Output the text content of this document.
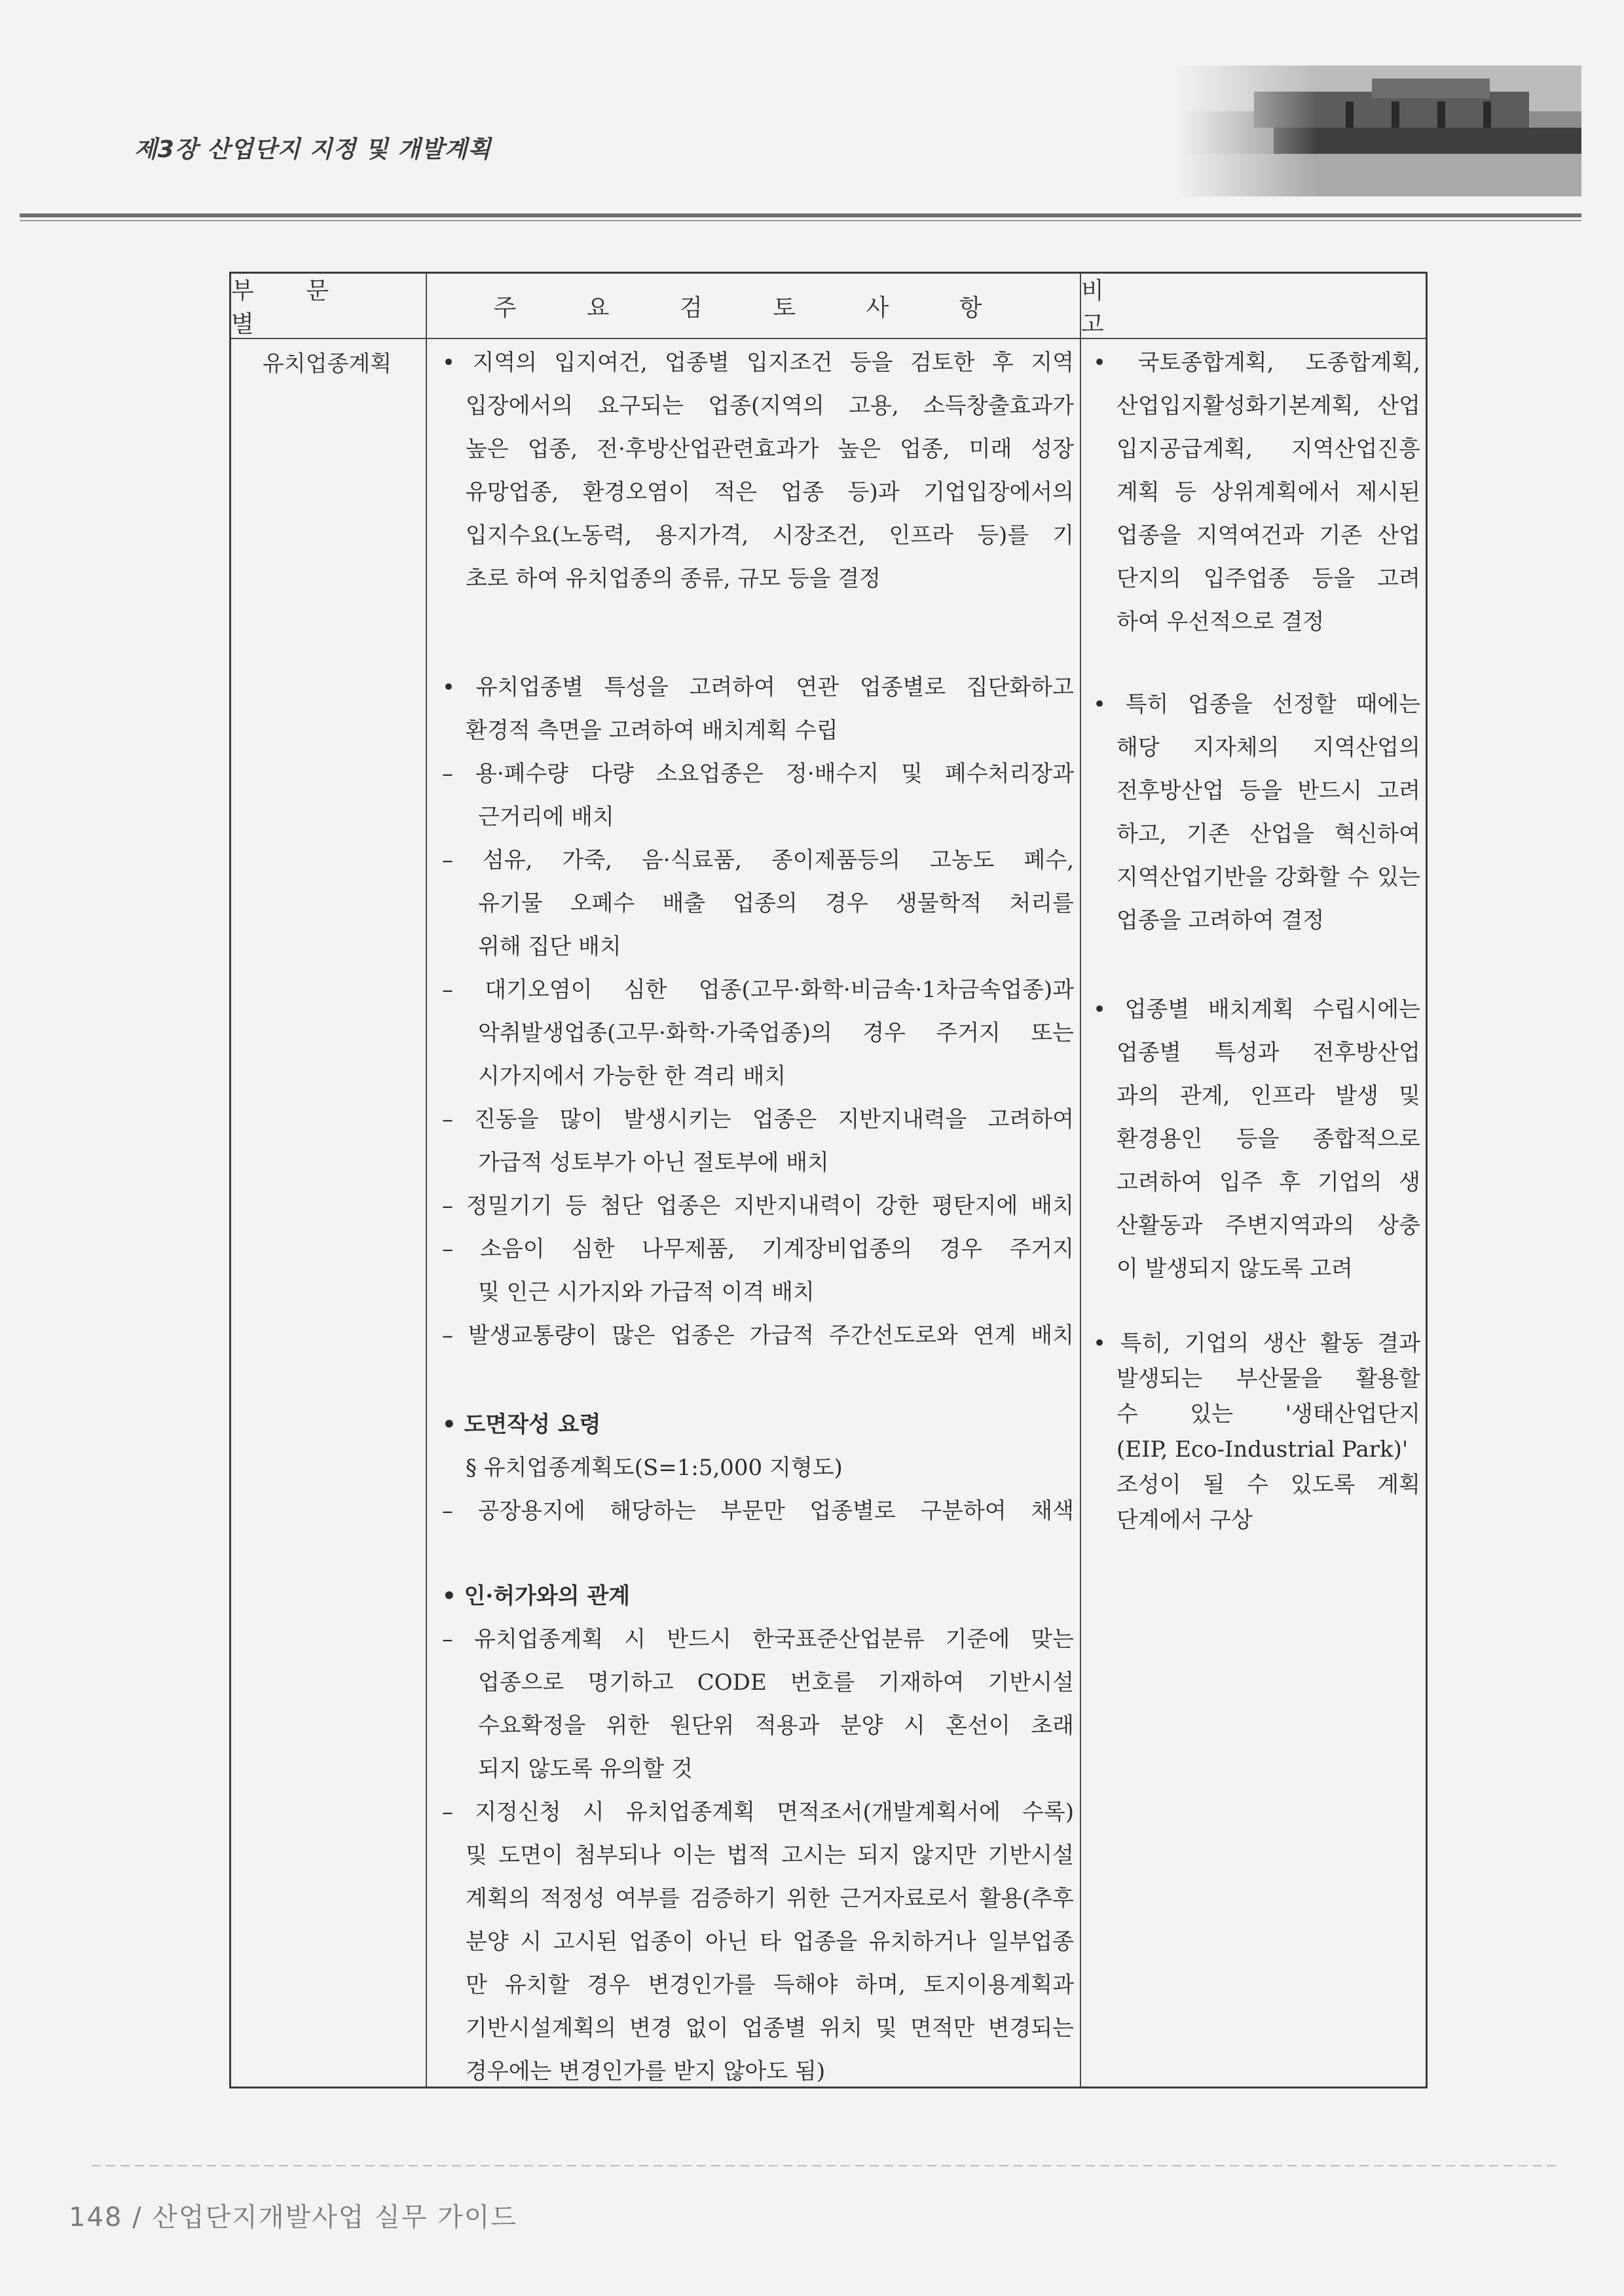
제3장 산업단지 지정 및 개발계획
부 문 별
주 요 검 토 사 항
비 고
유치업종계획 • 지역의 입지여건, 업종별 입지조건 등을 검토한 후 지역
입장에서의 요구되는 업종(지역의 고용, 소득창출효과가
높은 업종, 전·후방산업관련효과가 높은 업종, 미래 성장
유망업종, 환경오염이 적은 업종 등)과 기업입장에서의
입지수요(노동력, 용지가격, 시장조건, 인프라 등)를 기
초로 하여 유치업종의 종류, 규모 등을 결정
• 유치업종별 특성을 고려하여 연관 업종별로 집단화하고
환경적 측면을 고려하여 배치계획 수립
– 용·폐수량 다량 소요업종은 정·배수지 및 폐수처리장과
근거리에 배치
– 섬유, 가죽, 음·식료품, 종이제품등의 고농도 폐수,
유기물 오폐수 배출 업종의 경우 생물학적 처리를
위해 집단 배치
– 대기오염이 심한 업종(고무·화학·비금속·1차금속업종)과
악취발생업종(고무·화학·가죽업종)의 경우 주거지 또는
시가지에서 가능한 한 격리 배치
– 진동을 많이 발생시키는 업종은 지반지내력을 고려하여
가급적 성토부가 아닌 절토부에 배치
– 정밀기기 등 첨단 업종은 지반지내력이 강한 평탄지에 배치
– 소음이 심한 나무제품, 기계장비업종의 경우 주거지
및 인근 시가지와 가급적 이격 배치
– 발생교통량이 많은 업종은 가급적 주간선도로와 연계 배치
• 도면작성 요령
§ 유치업종계획도(S=1:5,000 지형도)
– 공장용지에 해당하는 부문만 업종별로 구분하여 채색
• 인·허가와의 관계
– 유치업종계획 시 반드시 한국표준산업분류 기준에 맞는
업종으로 명기하고 CODE 번호를 기재하여 기반시설
수요확정을 위한 원단위 적용과 분양 시 혼선이 초래
되지 않도록 유의할 것
– 지정신청 시 유치업종계획 면적조서(개발계획서에 수록)
및 도면이 첨부되나 이는 법적 고시는 되지 않지만 기반시설
계획의 적정성 여부를 검증하기 위한 근거자료로서 활용(추후
분양 시 고시된 업종이 아닌 타 업종을 유치하거나 일부업종
만 유치할 경우 변경인가를 득해야 하며, 토지이용계획과
기반시설계획의 변경 없이 업종별 위치 및 면적만 변경되는
경우에는 변경인가를 받지 않아도 됨)
• 국토종합계획, 도종합계획,
산업입지활성화기본계획, 산업
입지공급계획, 지역산업진흥
계획 등 상위계획에서 제시된
업종을 지역여건과 기존 산업
단지의 입주업종 등을 고려
하여 우선적으로 결정
• 특히 업종을 선정할 때에는
해당 지자체의 지역산업의
전후방산업 등을 반드시 고려
하고, 기존 산업을 혁신하여
지역산업기반을 강화할 수 있는
업종을 고려하여 결정
• 업종별 배치계획 수립시에는
업종별 특성과 전후방산업
과의 관계, 인프라 발생 및
환경용인 등을 종합적으로
고려하여 입주 후 기업의 생
산활동과 주변지역과의 상충
이 발생되지 않도록 고려
• 특히, 기업의 생산 활동 결과
발생되는 부산물을 활용할
수 있는 '생태산업단지
(EIP, Eco-Industrial Park)'
조성이 될 수 있도록 계획
단계에서 구상
148 / 산업단지개발사업 실무 가이드
